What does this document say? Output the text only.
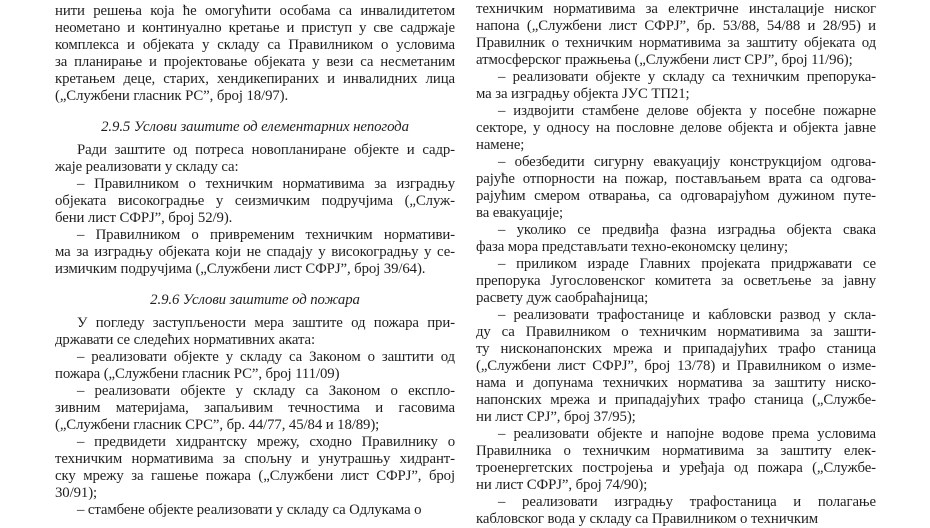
нити решења која ће омогућити особама са инвалидитетом
неометано и континуално кретање и приступ у све садржаје
комплекса и објеката у складу са Правилником о условима
за планирање и пројектовање објеката у вези са несметаним
кретањем деце, старих, хендикепираних и инвалидних лица
(„Службени гласник РС”, број 18/97).
2.9.5 Услови заштите од елементарних непогода
Ради заштите од потреса новопланиране објекте и садр-
жаје реализовати у складу са:
– Правилником о техничким нормативима за изградњу
објеката високоградње у сеизмичким подручјима („Служ-
бени лист СФРЈ”, број 52/9).
– Правилником о привременим техничким нормативи-
ма за изградњу објеката који не спадају у високоградњу у се-
измичким подручјима („Службени лист СФРЈ”, број 39/64).
2.9.6 Услови заштите од пожара
У погледу заступљености мера заштите од пожара при-
државати се следећих нормативних аката:
– реализовати објекте у складу са Законом о заштити од
пожара („Службени гласник РС”, број 111/09)
– реализовати објекте у складу са Законом о експло-
зивним материјама, запаљивим течностима и гасовима
(„Службени гласник СРС”, бр. 44/77, 45/84 и 18/89);
– предвидети хидрантску мрежу, сходно Правилнику о
техничким нормативима за спољну и унутрашњу хидрант-
ску мрежу за гашење пожара („Службени лист СФРЈ”, број
30/91);
– стамбене објекте реализовати у складу са Одлукама о
техничким нормативима за електричне инсталације ниског
напона („Службени лист СФРЈ”, бр. 53/88, 54/88 и 28/95) и
Правилник о техничким нормативима за заштиту објеката од
атмосферског пражњења („Службени лист СРЈ”, број 11/96);
– реализовати објекте у складу са техничким препорука-
ма за изградњу објекта ЈУС ТП21;
– издвојити стамбене делове објекта у посебне пожарне
секторе, у односу на пословне делове објекта и објекта јавне
намене;
– обезбедити сигурну евакуацију конструкцијом одгова-
рајуће отпорности на пожар, постављањем врата са одгова-
рајућим смером отварања, са одговарајућом дужином путе-
ва евакуације;
– уколико се предвиђа фазна изградња објекта свака
фаза мора представљати техно-економску целину;
– приликом израде Главних пројеката придржавати се
препорука Југословенског комитета за осветљење за јавну
расвету дуж саобраћајница;
– реализовати трафостанице и кабловски развод у скла-
ду са Правилником о техничким нормативима за зашти-
ту нисконапонских мрежа и припадајућих трафо станица
(„Службени лист СФРЈ”, број 13/78) и Правилником о изме-
нама и допунама техничких норматива за заштиту ниско-
напонских мрежа и припадајућих трафо станица („Службе-
ни лист СРЈ”, број 37/95);
– реализовати објекте и напојне водове према условима
Правилника о техничким нормативима за заштиту елек-
троенергетских постројења и уређаја од пожара („Службе-
ни лист СФРЈ”, број 74/90);
– реализовати изградњу трафостаница и полагање
кабловског вода у складу са Правилником о техничким
